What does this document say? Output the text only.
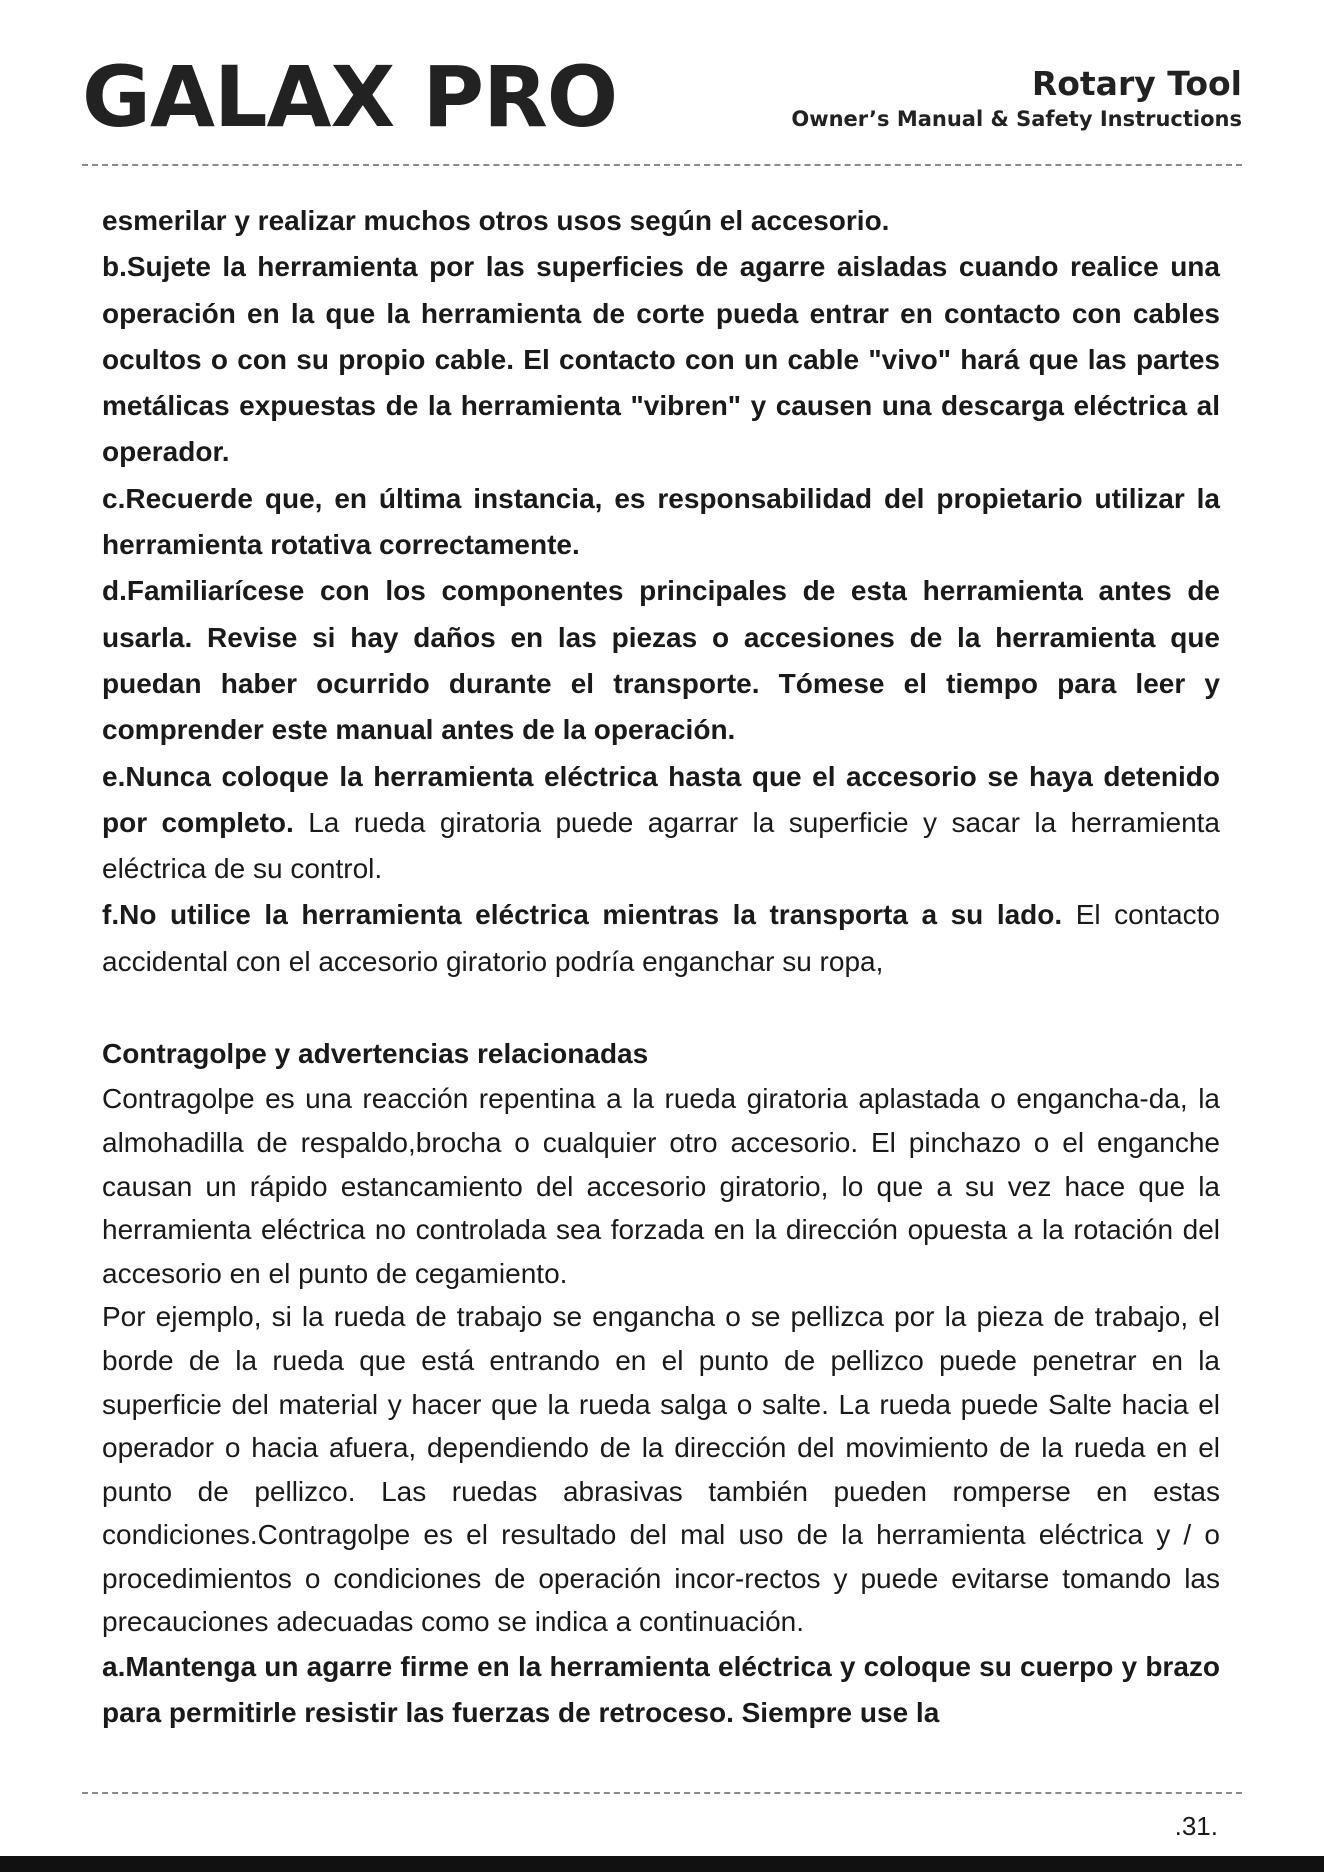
GALAX PRO	Rotary Tool
Owner’s Manual & Safety Instructions

esmerilar y realizar muchos otros usos según el accesorio.

b.Sujete la herramienta por las superficies de agarre aisladas cuando realice una operación en la que la herramienta de corte pueda entrar en contacto con cables ocultos o con su propio cable. El contacto con un cable "vivo" hará que las partes metálicas expuestas de la herramienta "vibren" y causen una descarga eléctrica al operador.

c.Recuerde que, en última instancia, es responsabilidad del propietario utilizar la herramienta rotativa correctamente.

d.Familiarícese con los componentes principales de esta herramienta antes de usarla. Revise si hay daños en las piezas o accesiones de la herramienta que puedan haber ocurrido durante el transporte. Tómese el tiempo para leer y comprender este manual antes de la operación.

e.Nunca coloque la herramienta eléctrica hasta que el accesorio se haya detenido por completo. La rueda giratoria puede agarrar la superficie y sacar la herramienta eléctrica de su control.

f.No utilice la herramienta eléctrica mientras la transporta a su lado. El contacto accidental con el accesorio giratorio podría enganchar su ropa,

Contragolpe y advertencias relacionadas

Contragolpe es una reacción repentina a la rueda giratoria aplastada o engancha-da, la almohadilla de respaldo,brocha o cualquier otro accesorio. El pinchazo o el enganche causan un rápido estancamiento del accesorio giratorio, lo que a su vez hace que la herramienta eléctrica no controlada sea forzada en la dirección opuesta a la rotación del accesorio en el punto de cegamiento.

Por ejemplo, si la rueda de trabajo se engancha o se pellizca por la pieza de trabajo, el borde de la rueda que está entrando en el punto de pellizco puede penetrar en la superficie del material y hacer que la rueda salga o salte. La rueda puede Salte hacia el operador o hacia afuera, dependiendo de la dirección del movimiento de la rueda en el punto de pellizco. Las ruedas abrasivas también pueden romperse en estas condiciones.Contragolpe es el resultado del mal uso de la herramienta eléctrica y / o procedimientos o condiciones de operación incor-rectos y puede evitarse tomando las precauciones adecuadas como se indica a continuación.

a.Mantenga un agarre firme en la herramienta eléctrica y coloque su cuerpo y brazo para permitirle resistir las fuerzas de retroceso. Siempre use la

.31.
